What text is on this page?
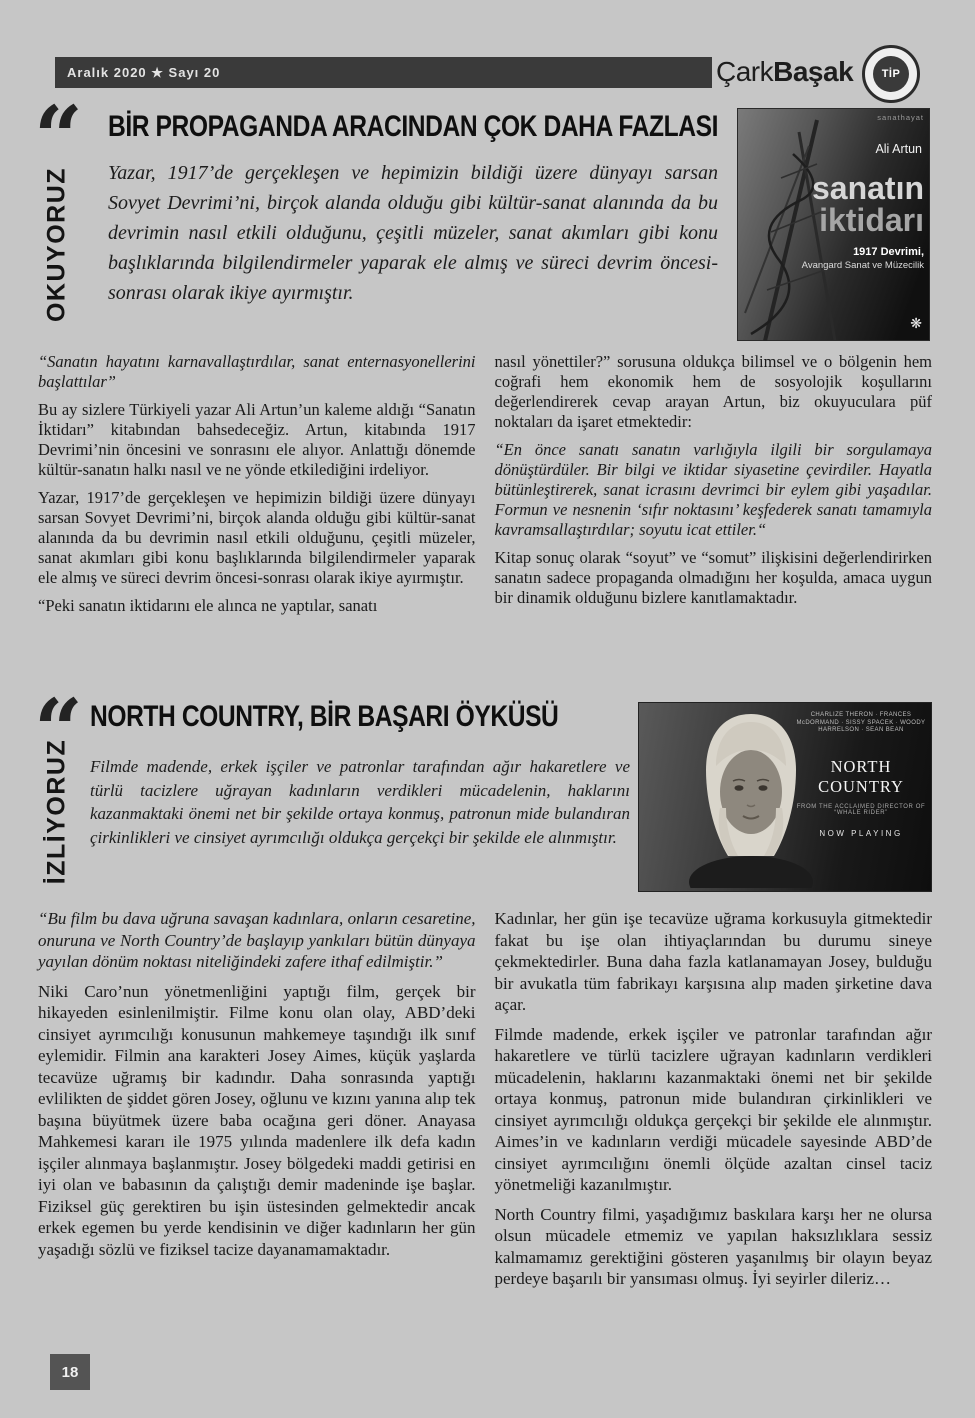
Aralık 2020 ★ Sayı 20	Çark Başak	TİP
“ BİR PROPAGANDA ARACINDAN ÇOK DAHA FAZLASI
OKUYORUZ Yazar, 1917’de gerçekleşen ve hepimizin bildiği üzere dünyayı sarsan Sovyet Devrimi’ni, birçok alanda olduğu gibi kültür-sanat alanında da bu devrimin nasıl etkili olduğunu, çeşitli müzeler, sanat akımları gibi konu başlıklarında bilgilendirmeler yaparak ele almış ve süreci devrim öncesi-sonrası olarak ikiye ayırmıştır.

sanathayat
Ali Artun
sanatın
iktidarı
1917 Devrimi,
Avangard Sanat ve Müzecilik
❋

“Sanatın hayatını karnavallaştırdılar, sanat enternasyonellerini başlattılar”

Bu ay sizlere Türkiyeli yazar Ali Artun’un kaleme aldığı “Sanatın İktidarı” kitabından bahsedeceğiz. Artun, kitabında 1917 Devrimi’nin öncesini ve sonrasını ele alıyor. Anlattığı dönemde kültür-sanatın halkı nasıl ve ne yönde etkilediğini irdeliyor.

Yazar, 1917’de gerçekleşen ve hepimizin bildiği üzere dünyayı sarsan Sovyet Devrimi’ni, birçok alanda olduğu gibi kültür-sanat alanında da bu devrimin nasıl etkili olduğunu, çeşitli müzeler, sanat akımları gibi konu başlıklarında bilgilendirmeler yaparak ele almış ve süreci devrim öncesi-sonrası olarak ikiye ayırmıştır.

“Peki sanatın iktidarını ele alınca ne yaptılar, sanatı

nasıl yönettiler?” sorusuna oldukça bilimsel ve o bölgenin hem coğrafi hem ekonomik hem de sosyolojik koşullarını değerlendirerek cevap arayan Artun, biz okuyuculara püf noktaları da işaret etmektedir:

“En önce sanatı sanatın varlığıyla ilgili bir sorgulamaya dönüştürdüler. Bir bilgi ve iktidar siyasetine çevirdiler. Hayatla bütünleştirerek, sanat icrasını devrimci bir eylem gibi yaşadılar. Formun ve nesnenin ‘sıfır noktasını’ keşfederek sanatı tamamıyla kavramsallaştırdılar; soyutu icat ettiler.“

Kitap sonuç olarak “soyut” ve “somut” ilişkisini değerlendirirken sanatın sadece propaganda olmadığını her koşulda, amaca uygun bir dinamik olduğunu bizlere kanıtlamaktadır.

“ NORTH COUNTRY, BİR BAŞARI ÖYKÜSÜ
İZLİYORUZ Filmde madende, erkek işçiler ve patronlar tarafından ağır hakaretlere ve türlü tacizlere uğrayan kadınların verdikleri mücadelenin, haklarını kazanmaktaki önemi net bir şekilde ortaya konmuş, patronun mide bulandıran çirkinlikleri ve cinsiyet ayrımcılığı oldukça gerçekçi bir şekilde ele alınmıştır.

CHARLIZE THERON · FRANCES McDORMAND · SISSY SPACEK · WOODY HARRELSON · SEAN BEAN
NORTH COUNTRY
FROM THE ACCLAIMED DIRECTOR OF “WHALE RIDER”
NOW PLAYING

“Bu film bu dava uğruna savaşan kadınlara, onların cesaretine, onuruna ve North Country’de başlayıp yankıları bütün dünyaya yayılan dönüm noktası niteliğindeki zafere ithaf edilmiştir.”

Niki Caro’nun yönetmenliğini yaptığı film, gerçek bir hikayeden esinlenilmiştir. Filme konu olan olay, ABD’deki cinsiyet ayrımcılığı konusunun mahkemeye taşındığı ilk sınıf eylemidir. Filmin ana karakteri Josey Aimes, küçük yaşlarda tecavüze uğramış bir kadındır. Daha sonrasında yaptığı evlilikten de şiddet gören Josey, oğlunu ve kızını yanına alıp tek başına büyütmek üzere baba ocağına geri döner. Anayasa Mahkemesi kararı ile 1975 yılında madenlere ilk defa kadın işçiler alınmaya başlanmıştır. Josey bölgedeki maddi getirisi en iyi olan ve babasının da çalıştığı demir madeninde işe başlar. Fiziksel güç gerektiren bu işin üstesinden gelmektedir ancak erkek egemen bu yerde kendisinin ve diğer kadınların her gün yaşadığı sözlü ve fiziksel tacize dayanamamaktadır.

Kadınlar, her gün işe tecavüze uğrama korkusuyla gitmektedir fakat bu işe olan ihtiyaçlarından bu durumu sineye çekmektedirler. Buna daha fazla katlanamayan Josey, bulduğu bir avukatla tüm fabrikayı karşısına alıp maden şirketine dava açar.

Filmde madende, erkek işçiler ve patronlar tarafından ağır hakaretlere ve türlü tacizlere uğrayan kadınların verdikleri mücadelenin, haklarını kazanmaktaki önemi net bir şekilde ortaya konmuş, patronun mide bulandıran çirkinlikleri ve cinsiyet ayrımcılığı oldukça gerçekçi bir şekilde ele alınmıştır. Aimes’in ve kadınların verdiği mücadele sayesinde ABD’de cinsiyet ayrımcılığını önemli ölçüde azaltan cinsel taciz yönetmeliği kazanılmıştır.

North Country filmi, yaşadığımız baskılara karşı her ne olursa olsun mücadele etmemiz ve yapılan haksızlıklara sessiz kalmamamız gerektiğini gösteren yaşanılmış bir olayın beyaz perdeye başarılı bir yansıması olmuş. İyi seyirler dileriz…

18
